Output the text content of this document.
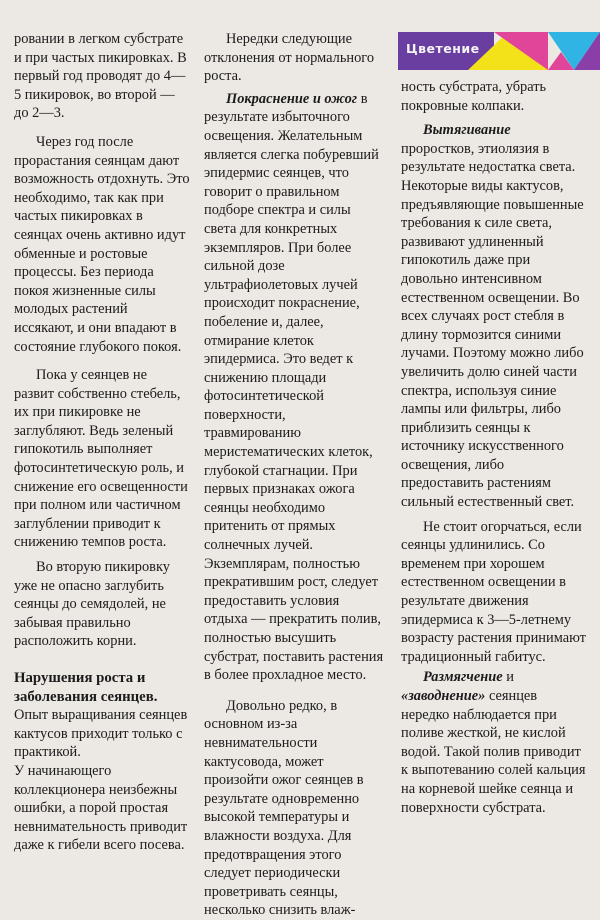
Цветение

ровании в легком субстрате и при частых пикировках. В первый год проводят до 4—5 пикировок, во второй — до 2—3.

Через год после прорастания сеянцам дают возможность отдохнуть. Это необходимо, так как при частых пикировках в сеянцах очень активно идут обменные и ростовые процессы. Без периода покоя жизненные силы молодых растений иссякают, и они впадают в состояние глубокого покоя.

Пока у сеянцев не развит собственно стебель, их при пикировке не заглубляют. Ведь зеленый гипокотиль выполняет фотосинтетическую роль, и снижение его освещенности при полном или частичном заглублении приводит к снижению темпов роста.

Во вторую пикировку уже не опасно заглубить сеянцы до семядолей, не забывая правильно расположить корни.

Нарушения роста и заболевания сеянцев.

Опыт выращивания сеянцев кактусов приходит только с практикой.

У начинающего коллекционера неизбежны ошибки, а порой простая невнимательность приводит даже к гибели всего посева.

Нередки следующие отклонения от нормального роста.

Покраснение и ожог в результате избыточного освещения. Желательным является слегка побуревший эпидермис сеянцев, что говорит о правильном подборе спектра и силы света для конкретных экземпляров. При более сильной дозе ультрафиолетовых лучей происходит покраснение, побеление и, далее, отмирание клеток эпидермиса. Это ведет к снижению площади фотосинтетической поверхности, травмированию меристематических клеток, глубокой стагнации. При первых признаках ожога сеянцы необходимо притенить от прямых солнечных лучей. Экземплярам, полностью прекратившим рост, следует предоставить условия отдыха — прекратить полив, полностью высушить субстрат, поставить растения в более прохладное место.

Довольно редко, в основном из-за невнимательности кактусовода, может произойти ожог сеянцев в результате одновременно высокой температуры и влажности воздуха. Для предотвращения этого следует периодически проветривать сеянцы, несколько снизить влаж-

ность субстрата, убрать покровные колпаки.

Вытягивание проростков, этиолязия в результате недостатка света. Некоторые виды кактусов, предъявляющие повышенные требования к силе света, развивают удлиненный гипокотиль даже при довольно интенсивном естественном освещении. Во всех случаях рост стебля в длину тормозится синими лучами. Поэтому можно либо увеличить долю синей части спектра, используя синие лампы или фильтры, либо приблизить сеянцы к источнику искусственного освещения, либо предоставить растениям сильный естественный свет.

Не стоит огорчаться, если сеянцы удлинились. Со временем при хорошем естественном освещении в результате движения эпидермиса к 3—5-летнему возрасту растения принимают традиционный габитус.

Размягчение и «заводнение» сеянцев нередко наблюдается при поливе жесткой, не кислой водой. Такой полив приводит к выпотеванию солей кальция на корневой шейке сеянца и поверхности субстрата.
